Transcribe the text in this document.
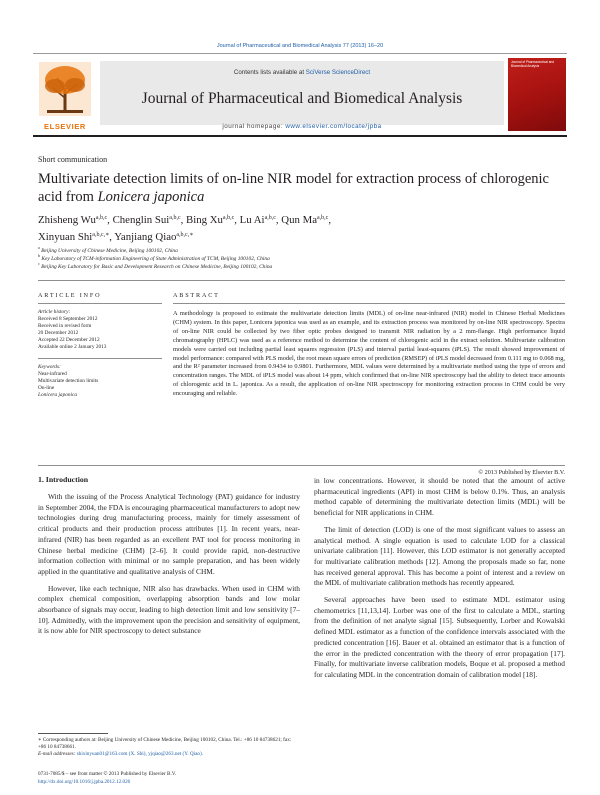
Journal of Pharmaceutical and Biomedical Analysis 77 (2013) 16–20
ELSEVIER
Contents lists available at SciVerse ScienceDirect
Journal of Pharmaceutical and Biomedical Analysis
journal homepage: www.elsevier.com/locate/jpba
Journal of Pharmaceutical and Biomedical Analysis
Short communication
Multivariate detection limits of on-line NIR model for extraction process of chlorogenic acid from Lonicera japonica
Zhisheng Wu$^{a,b,c}$, Chenglin Sui$^{a,b,c}$, Bing Xu$^{a,b,c}$, Lu Ai$^{a,b,c}$, Qun Ma$^{a,b,c}$,
Xinyuan Shi$^{a,b,c,∗}$, Yanjiang Qiao$^{a,b,c,∗}$
$^a$ Beijing University of Chinese Medicine, Beijing 100102, China
$^b$ Key Laboratory of TCM-information Engineering of State Administration of TCM, Beijing 100102, China
$^c$ Beijing Key Laboratory for Basic and Development Research on Chinese Medicine, Beijing 100102, China
ARTICLE INFO
Article history:
Received 8 September 2012
Received in revised form
20 December 2012
Accepted 22 December 2012
Available online 2 January 2013
Keywords:
Near-infrared
Multivariate detection limits
On-line
Lonicera japonica
ABSTRACT
A methodology is proposed to estimate the multivariate detection limits (MDL) of on-line near-infrared (NIR) model in Chinese Herbal Medicines (CHM) system. In this paper, Lonicera japonica was used as an example, and its extraction process was monitored by on-line NIR spectroscopy. Spectra of on-line NIR could be collected by two fiber optic probes designed to transmit NIR radiation by a 2 mm-flange. High performance liquid chromatography (HPLC) was used as a reference method to determine the content of chlorogenic acid in the extract solution. Multivariate calibration models were carried out including partial least squares regression (PLS) and interval partial least-squares (iPLS). The result showed improvement of model performance: compared with PLS model, the root mean square errors of prediction (RMSEP) of iPLS model decreased from 0.111 mg to 0.068 mg, and the R² parameter increased from 0.9434 to 0.9801. Furthermore, MDL values were determined by a multivariate method using the type of errors and concentration ranges. The MDL of iPLS model was about 14 ppm, which confirmed that on-line NIR spectroscopy had the ability to detect trace amounts of chlorogenic acid in L. japonica. As a result, the application of on-line NIR spectroscopy for monitoring extraction process in CHM could be very encouraging and reliable.
© 2013 Published by Elsevier B.V.
1. Introduction

With the issuing of the Process Analytical Technology (PAT) guidance for industry in September 2004, the FDA is encouraging pharmaceutical manufacturers to adopt new technologies during drug manufacturing process, mainly for timely assessment of critical products and their production process attributes [1]. In recent years, near-infrared (NIR) has been regarded as an excellent PAT tool for process monitoring in Chinese herbal medicine (CHM) [2–6]. It could provide rapid, non-destructive information collection with minimal or no sample preparation, and has been widely applied in the quantitative and qualitative analysis of CHM.

However, like each technique, NIR also has drawbacks. When used in CHM with complex chemical composition, overlapping absorption bands and low molar absorbance of signals may occur, leading to high detection limit and low sensitivity [7–10]. Admittedly, with the improvement upon the precision and sensitivity of equipment, it is now able for NIR spectroscopy to detect substance

in low concentrations. However, it should be noted that the amount of active pharmaceutical ingredients (API) in most CHM is below 0.1%. Thus, an analysis method capable of determining the multivariate detection limits (MDL) will be beneficial for NIR applications in CHM.

The limit of detection (LOD) is one of the most significant values to assess an analytical method. A single equation is used to calculate LOD for a classical univariate calibration [11]. However, this LOD estimator is not generally accepted for multivariate calibration methods [12]. Among the proposals made so far, none has received general approval. This has become a point of interest and a review on the MDL of multivariate calibration methods has recently appeared.

Several approaches have been used to estimate MDL estimator using chemometrics [11,13,14]. Lorber was one of the first to calculate a MDL, starting from the definition of net analyte signal [15]. Subsequently, Lorber and Kowalski defined MDL estimator as a function of the confidence intervals associated with the predicted concentration [16]. Bauer et al. obtained an estimator that is a function of the error in the predicted concentration with the theory of error propagation [17]. Finally, for multivariate inverse calibration models, Boque et al. proposed a method for calculating MDL in the concentration domain of calibration model [18].

∗ Corresponding authors at: Beijing University of Chinese Medicine, Beijing 100102, China. Tel.: +86 10 84738621; fax: +86 10 84738661.
E-mail addresses: shixinyuan01@163.com (X. Shi), yjqiao@263.net (Y. Qiao).
0731-7085/$ – see front matter © 2013 Published by Elsevier B.V.
http://dx.doi.org/10.1016/j.jpba.2012.12.026
